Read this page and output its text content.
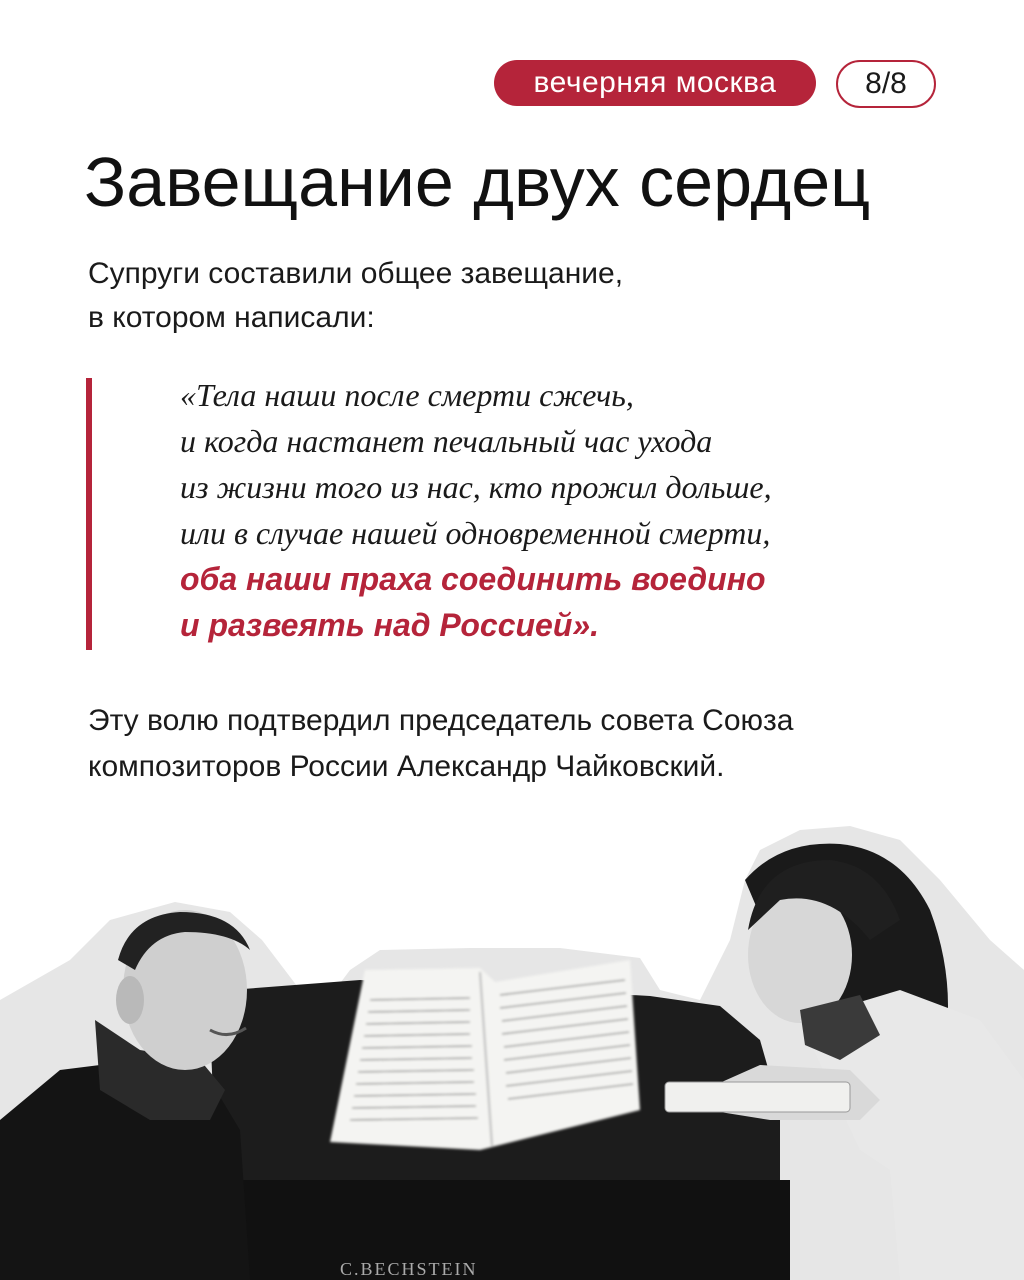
вечерняя москва	8/8
Завещание двух сердец
Супруги составили общее завещание,
в котором написали:
«Тела наши после смерти сжечь,
и когда настанет печальный час ухода
из жизни того из нас, кто прожил дольше,
или в случае нашей одновременной смерти,
оба наши праха соединить воедино
и развеять над Россией».
Эту волю подтвердил председатель совета Союза
композиторов России Александр Чайковский.
C.BECHSTEIN
